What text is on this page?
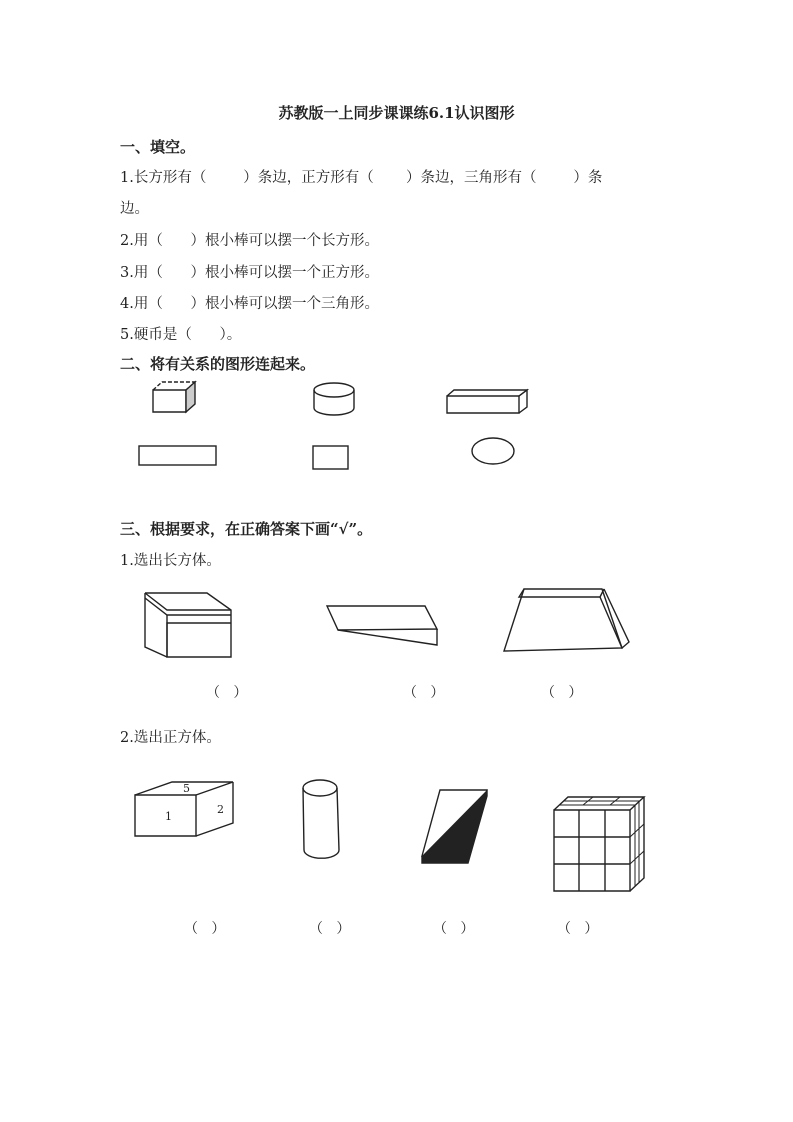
苏教版一上同步课课练6.1认识图形
一、填空。
1.长方形有（        ）条边，正方形有（       ）条边，三角形有（        ）条
边。
2.用（      ）根小棒可以摆一个长方形。
3.用（      ）根小棒可以摆一个正方形。
4.用（      ）根小棒可以摆一个三角形。
5.硬币是（      ）。
二、将有关系的图形连起来。
三、根据要求，在正确答案下画“√”。
1.选出长方体。
（   ）	（   ）	（   ）
2.选出正方体。
5
1
2
（   ）	（   ）	（   ）	（   ）
